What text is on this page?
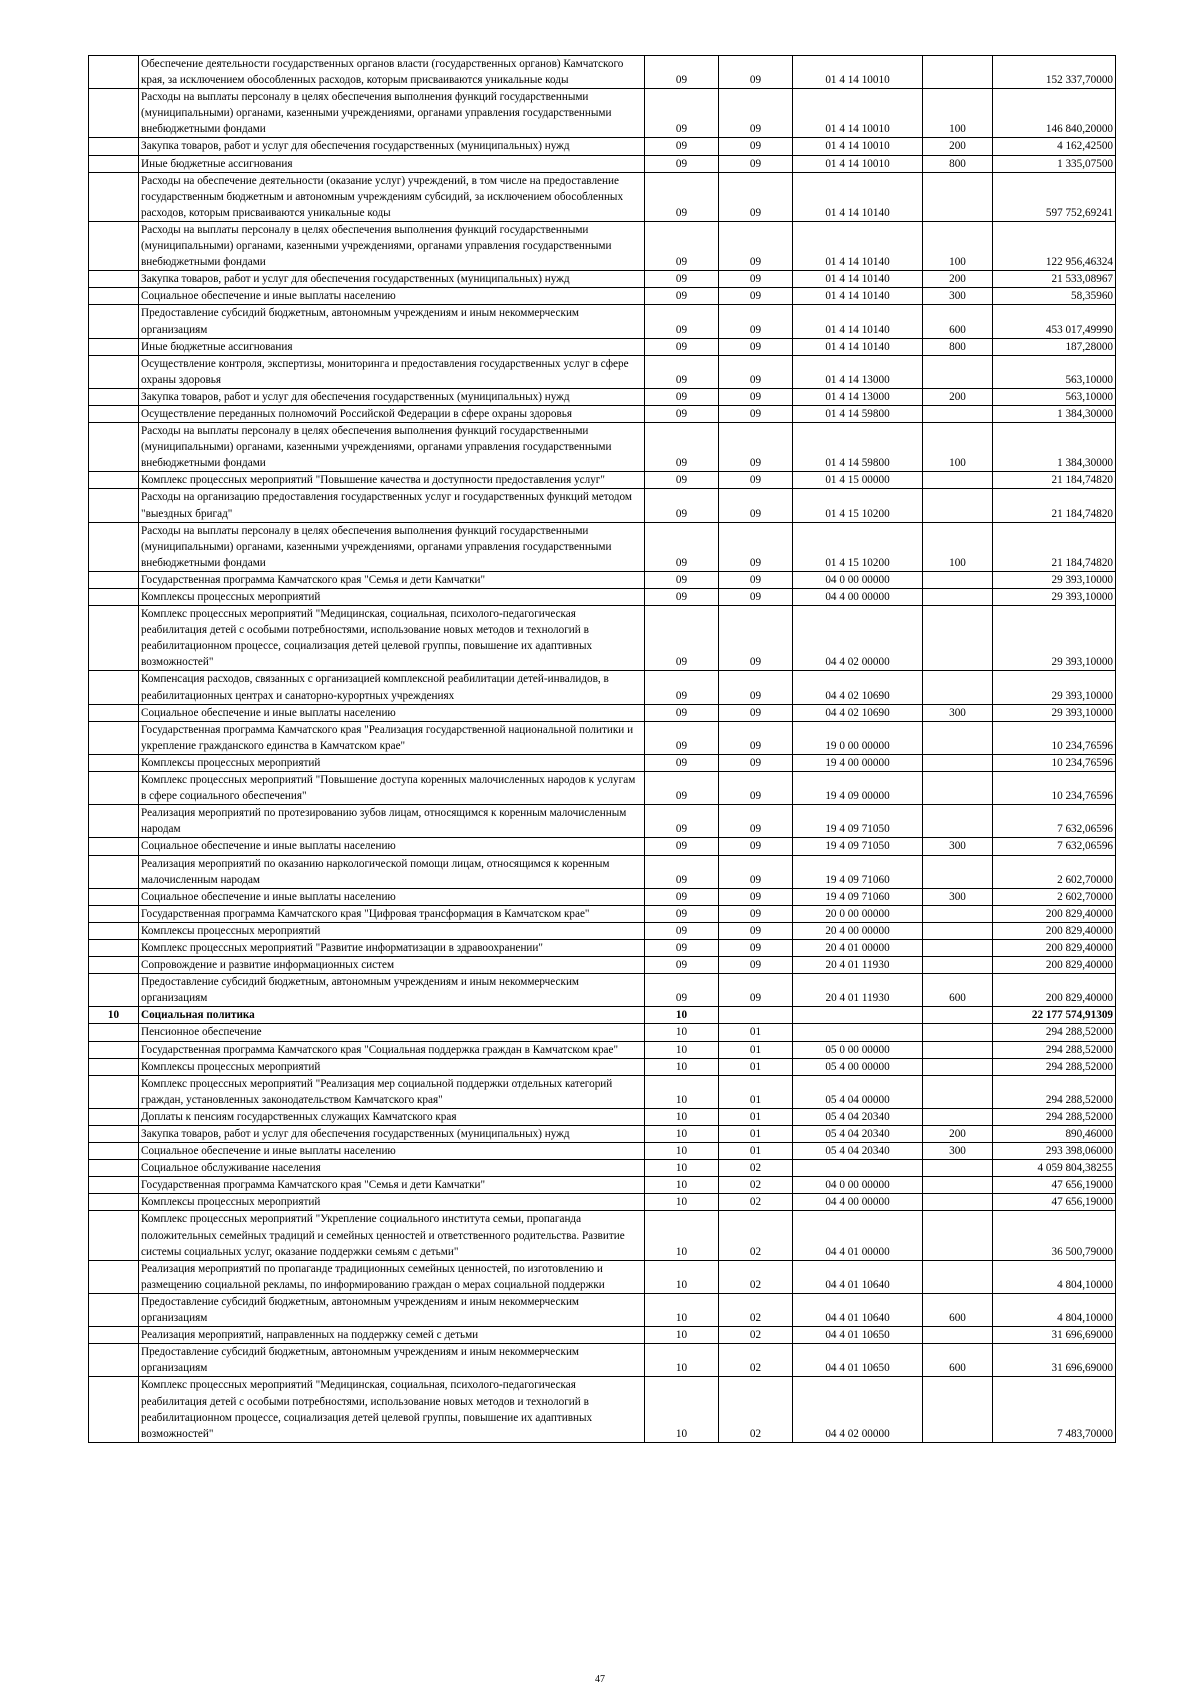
	Обеспечение деятельности государственных органов власти (государственных органов) Камчатского края, за исключением обособленных расходов, которым присваиваются уникальные коды	09	09	01 4 14 10010		152 337,70000
	Расходы на выплаты персоналу в целях обеспечения выполнения функций государственными (муниципальными) органами, казенными учреждениями, органами управления государственными внебюджетными фондами	09	09	01 4 14 10010	100	146 840,20000
	Закупка товаров, работ и услуг для обеспечения государственных (муниципальных) нужд	09	09	01 4 14 10010	200	4 162,42500
	Иные бюджетные ассигнования	09	09	01 4 14 10010	800	1 335,07500
	Расходы на обеспечение деятельности (оказание услуг) учреждений, в том числе на предоставление государственным бюджетным и автономным учреждениям субсидий, за исключением обособленных расходов, которым присваиваются уникальные коды	09	09	01 4 14 10140		597 752,69241
	Расходы на выплаты персоналу в целях обеспечения выполнения функций государственными (муниципальными) органами, казенными учреждениями, органами управления государственными внебюджетными фондами	09	09	01 4 14 10140	100	122 956,46324
	Закупка товаров, работ и услуг для обеспечения государственных (муниципальных) нужд	09	09	01 4 14 10140	200	21 533,08967
	Социальное обеспечение и иные выплаты населению	09	09	01 4 14 10140	300	58,35960
	Предоставление субсидий бюджетным, автономным учреждениям и иным некоммерческим организациям	09	09	01 4 14 10140	600	453 017,49990
	Иные бюджетные ассигнования	09	09	01 4 14 10140	800	187,28000
	Осуществление контроля, экспертизы, мониторинга и предоставления государственных услуг в сфере охраны здоровья	09	09	01 4 14 13000		563,10000
	Закупка товаров, работ и услуг для обеспечения государственных (муниципальных) нужд	09	09	01 4 14 13000	200	563,10000
	Осуществление переданных полномочий Российской Федерации в сфере охраны здоровья	09	09	01 4 14 59800		1 384,30000
	Расходы на выплаты персоналу в целях обеспечения выполнения функций государственными (муниципальными) органами, казенными учреждениями, органами управления государственными внебюджетными фондами	09	09	01 4 14 59800	100	1 384,30000
	Комплекс процессных мероприятий "Повышение качества и доступности предоставления услуг"	09	09	01 4 15 00000		21 184,74820
	Расходы на организацию предоставления государственных услуг и государственных функций методом "выездных бригад"	09	09	01 4 15 10200		21 184,74820
	Расходы на выплаты персоналу в целях обеспечения выполнения функций государственными (муниципальными) органами, казенными учреждениями, органами управления государственными внебюджетными фондами	09	09	01 4 15 10200	100	21 184,74820
	Государственная программа Камчатского края "Семья и дети Камчатки"	09	09	04 0 00 00000		29 393,10000
	Комплексы процессных мероприятий	09	09	04 4 00 00000		29 393,10000
	Комплекс процессных мероприятий "Медицинская, социальная, психолого-педагогическая реабилитация детей с особыми потребностями, использование новых методов и технологий в реабилитационном процессе, социализация детей целевой группы, повышение их адаптивных возможностей"	09	09	04 4 02 00000		29 393,10000
	Компенсация расходов, связанных с организацией комплексной реабилитации детей-инвалидов, в реабилитационных центрах и санаторно-курортных учреждениях	09	09	04 4 02 10690		29 393,10000
	Социальное обеспечение и иные выплаты населению	09	09	04 4 02 10690	300	29 393,10000
	Государственная программа Камчатского края "Реализация государственной национальной политики и укрепление гражданского единства в Камчатском крае"	09	09	19 0 00 00000		10 234,76596
	Комплексы процессных мероприятий	09	09	19 4 00 00000		10 234,76596
	Комплекс процессных мероприятий "Повышение доступа коренных малочисленных народов к услугам в сфере социального обеспечения"	09	09	19 4 09 00000		10 234,76596
	Реализация мероприятий по протезированию зубов лицам, относящимся к коренным малочисленным народам	09	09	19 4 09 71050		7 632,06596
	Социальное обеспечение и иные выплаты населению	09	09	19 4 09 71050	300	7 632,06596
	Реализация мероприятий по оказанию наркологической помощи лицам, относящимся к коренным малочисленным народам	09	09	19 4 09 71060		2 602,70000
	Социальное обеспечение и иные выплаты населению	09	09	19 4 09 71060	300	2 602,70000
	Государственная программа Камчатского края "Цифровая трансформация в Камчатском крае"	09	09	20 0 00 00000		200 829,40000
	Комплексы процессных мероприятий	09	09	20 4 00 00000		200 829,40000
	Комплекс процессных мероприятий "Развитие информатизации в здравоохранении"	09	09	20 4 01 00000		200 829,40000
	Сопровождение и развитие информационных систем	09	09	20 4 01 11930		200 829,40000
	Предоставление субсидий бюджетным, автономным учреждениям и иным некоммерческим организациям	09	09	20 4 01 11930	600	200 829,40000
10	Социальная политика	10				22 177 574,91309
	Пенсионное обеспечение	10	01			294 288,52000
	Государственная программа Камчатского края "Социальная поддержка граждан в Камчатском крае"	10	01	05 0 00 00000		294 288,52000
	Комплексы процессных мероприятий	10	01	05 4 00 00000		294 288,52000
	Комплекс процессных мероприятий "Реализация мер социальной поддержки отдельных категорий граждан, установленных законодательством Камчатского края"	10	01	05 4 04 00000		294 288,52000
	Доплаты к пенсиям государственных служащих Камчатского края	10	01	05 4 04 20340		294 288,52000
	Закупка товаров, работ и услуг для обеспечения государственных (муниципальных) нужд	10	01	05 4 04 20340	200	890,46000
	Социальное обеспечение и иные выплаты населению	10	01	05 4 04 20340	300	293 398,06000
	Социальное обслуживание населения	10	02			4 059 804,38255
	Государственная программа Камчатского края "Семья и дети Камчатки"	10	02	04 0 00 00000		47 656,19000
	Комплексы процессных мероприятий	10	02	04 4 00 00000		47 656,19000
	Комплекс процессных мероприятий "Укрепление социального института семьи, пропаганда положительных семейных традиций и семейных ценностей и ответственного родительства. Развитие системы социальных услуг, оказание поддержки семьям с детьми"	10	02	04 4 01 00000		36 500,79000
	Реализация мероприятий по пропаганде традиционных семейных ценностей, по изготовлению и размещению социальной рекламы, по информированию граждан о мерах социальной поддержки	10	02	04 4 01 10640		4 804,10000
	Предоставление субсидий бюджетным, автономным учреждениям и иным некоммерческим организациям	10	02	04 4 01 10640	600	4 804,10000
	Реализация мероприятий, направленных на поддержку семей с детьми	10	02	04 4 01 10650		31 696,69000
	Предоставление субсидий бюджетным, автономным учреждениям и иным некоммерческим организациям	10	02	04 4 01 10650	600	31 696,69000
	Комплекс процессных мероприятий "Медицинская, социальная, психолого-педагогическая реабилитация детей с особыми потребностями, использование новых методов и технологий в реабилитационном процессе, социализация детей целевой группы, повышение их адаптивных возможностей"	10	02	04 4 02 00000		7 483,70000
47
